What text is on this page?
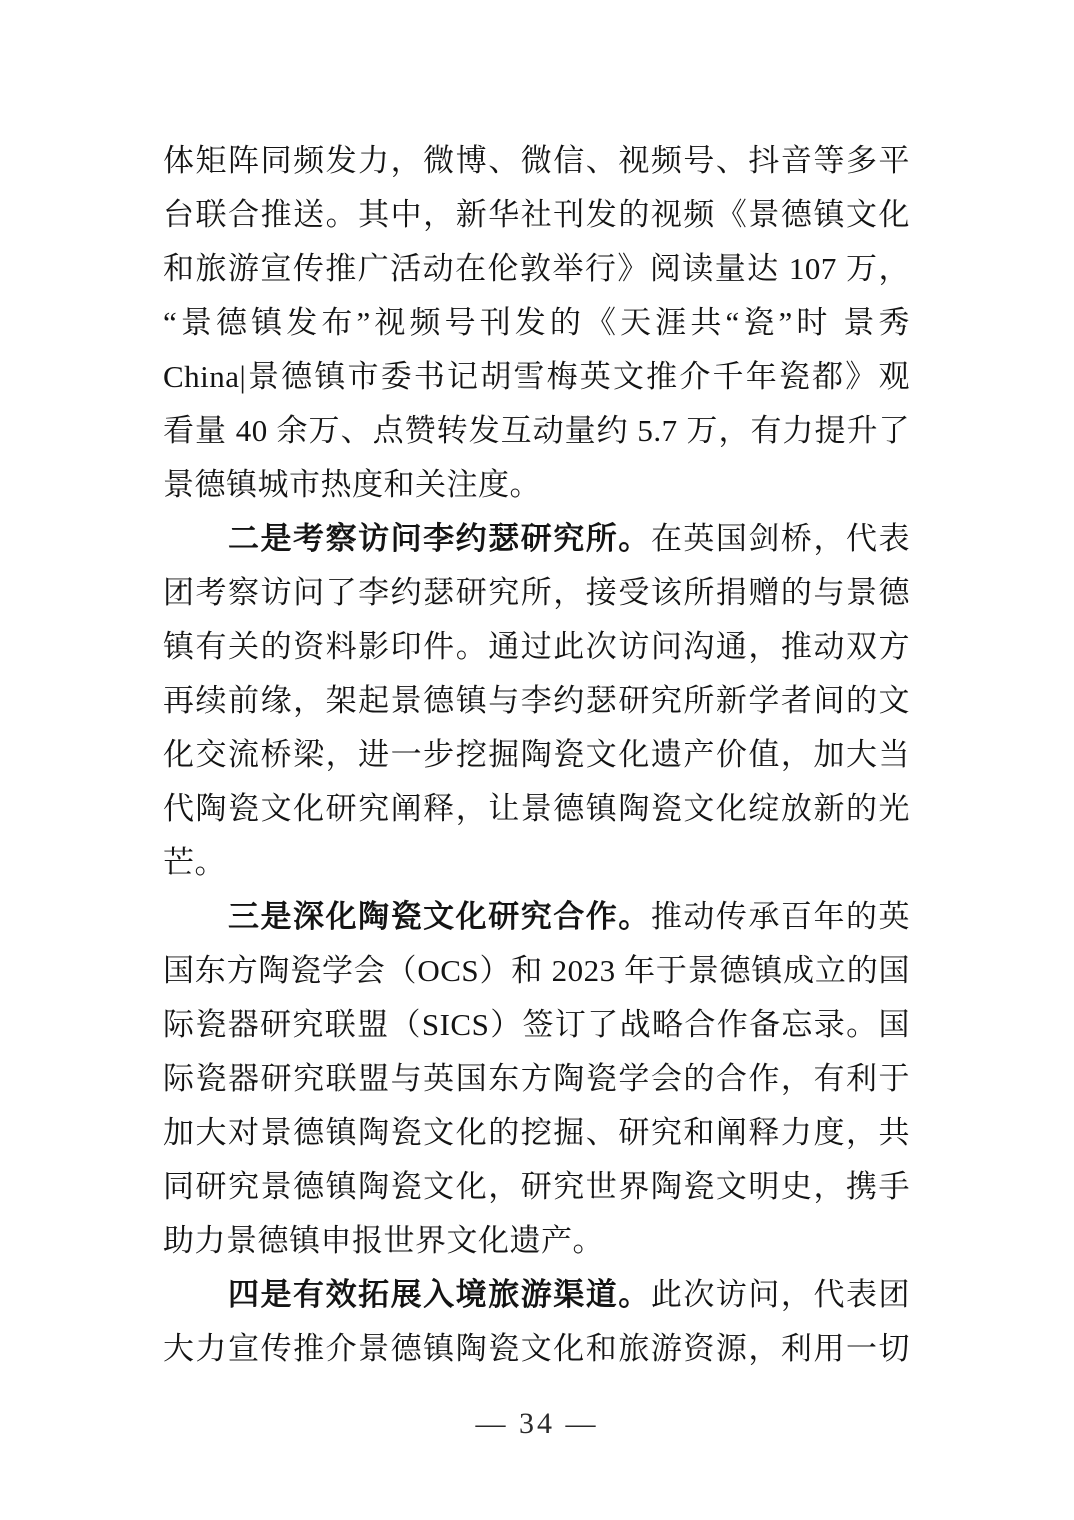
体矩阵同频发力，微博、微信、视频号、抖音等多平
台联合推送。其中，新华社刊发的视频《景德镇文化
和旅游宣传推广活动在伦敦举行》阅读量达 107 万，
“景德镇发布”视频号刊发的《天涯共“瓷”时 景秀
China|景德镇市委书记胡雪梅英文推介千年瓷都》观
看量 40 余万、点赞转发互动量约 5.7 万，有力提升了
景德镇城市热度和关注度。
二是考察访问李约瑟研究所。在英国剑桥，代表
团考察访问了李约瑟研究所，接受该所捐赠的与景德
镇有关的资料影印件。通过此次访问沟通，推动双方
再续前缘，架起景德镇与李约瑟研究所新学者间的文
化交流桥梁，进一步挖掘陶瓷文化遗产价值，加大当
代陶瓷文化研究阐释，让景德镇陶瓷文化绽放新的光
芒。
三是深化陶瓷文化研究合作。推动传承百年的英
国东方陶瓷学会（OCS）和 2023 年于景德镇成立的国
际瓷器研究联盟（SICS）签订了战略合作备忘录。国
际瓷器研究联盟与英国东方陶瓷学会的合作，有利于
加大对景德镇陶瓷文化的挖掘、研究和阐释力度，共
同研究景德镇陶瓷文化，研究世界陶瓷文明史，携手
助力景德镇申报世界文化遗产。
四是有效拓展入境旅游渠道。此次访问，代表团
大力宣传推介景德镇陶瓷文化和旅游资源，利用一切
— 34 —
